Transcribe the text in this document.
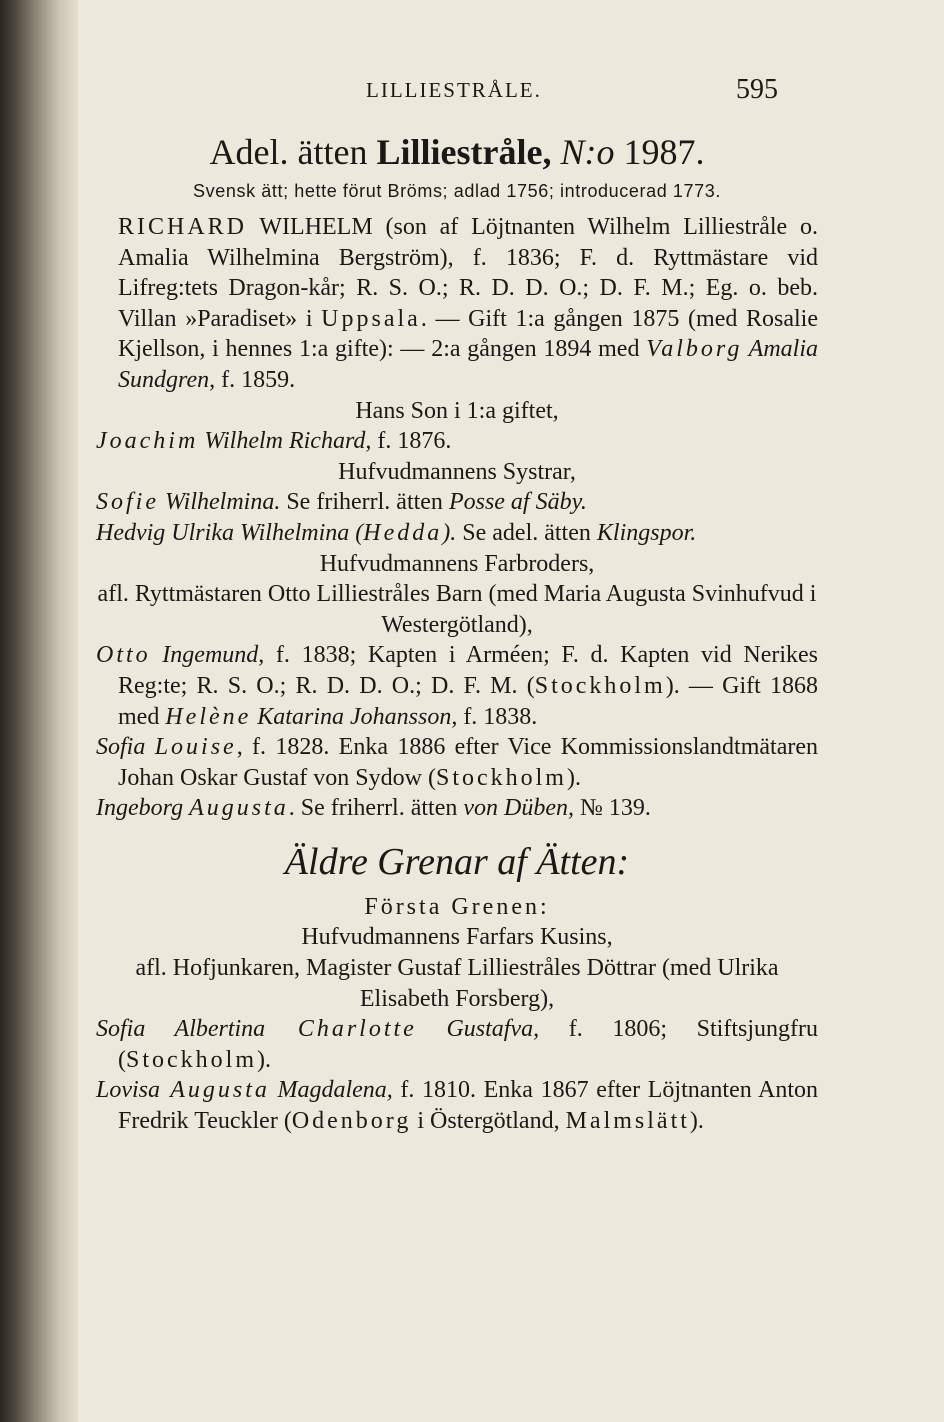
LILLIESTRÅLE.	595
Adel. ätten Lilliestråle, N:o 1987.
Svensk ätt; hette förut Bröms; adlad 1756; introducerad 1773.

RICHARD WILHELM (son af Löjtnanten Wilhelm Lilliestråle o. Amalia Wilhelmina Bergström), f. 1836; F. d. Ryttmästare vid Lifreg:tets Dragon-kår; R. S. O.; R. D. D. O.; D. F. M.; Eg. o. beb. Villan »Paradiset» i Uppsala. — Gift 1:a gången 1875 (med Rosalie Kjellson, i hennes 1:a gifte): — 2:a gången 1894 med Valborg Amalia Sundgren, f. 1859.

Hans Son i 1:a giftet,

Joachim Wilhelm Richard, f. 1876.

Hufvudmannens Systrar,

Sofie Wilhelmina. Se friherrl. ätten Posse af Säby.

Hedvig Ulrika Wilhelmina (Hedda). Se adel. ätten Klingspor.

Hufvudmannens Farbroders,

afl. Ryttmästaren Otto Lilliestråles Barn (med Maria Augusta Svinhufvud i Westergötland),

Otto Ingemund, f. 1838; Kapten i Arméen; F. d. Kapten vid Nerikes Reg:te; R. S. O.; R. D. D. O.; D. F. M. (Stockholm). — Gift 1868 med Helène Katarina Johansson, f. 1838.

Sofia Louise, f. 1828. Enka 1886 efter Vice Kommissionslandtmätaren Johan Oskar Gustaf von Sydow (Stockholm).

Ingeborg Augusta. Se friherrl. ätten von Düben, № 139.

Äldre Grenar af Ätten:

Första Grenen:

Hufvudmannens Farfars Kusins,

afl. Hofjunkaren, Magister Gustaf Lilliestråles Döttrar (med Ulrika Elisabeth Forsberg),

Sofia Albertina Charlotte Gustafva, f. 1806; Stiftsjungfru (Stockholm).

Lovisa Augusta Magdalena, f. 1810. Enka 1867 efter Löjtnanten Anton Fredrik Teuckler (Odenborg i Östergötland, Malmslätt).
